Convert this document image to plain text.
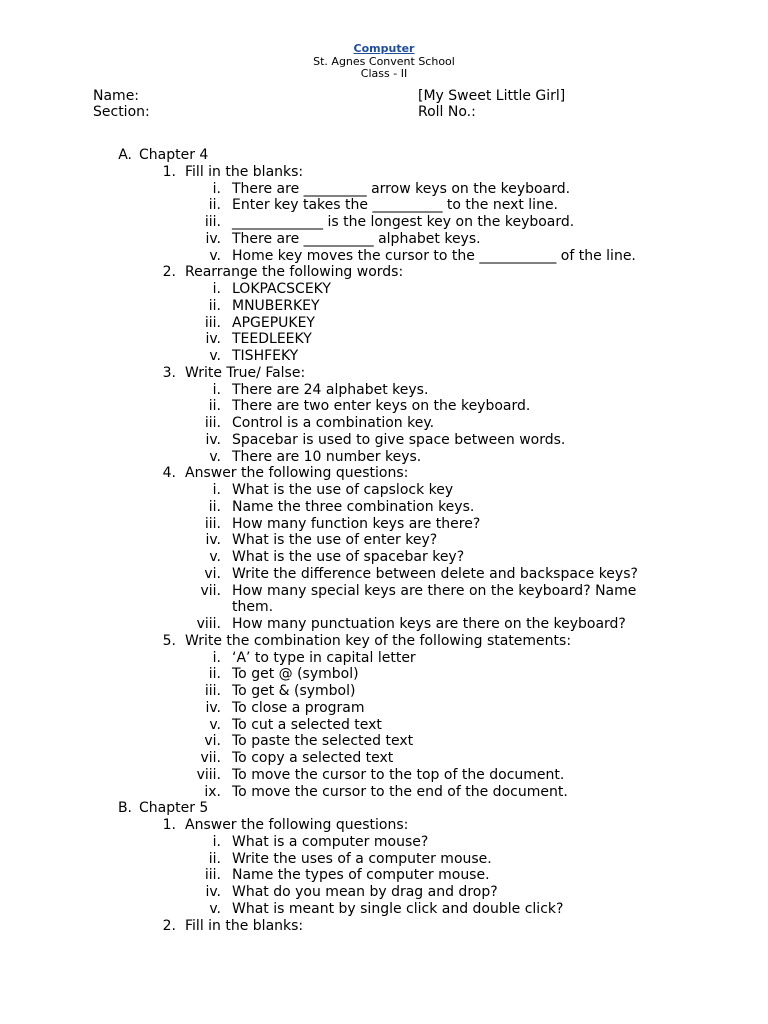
Computer
St. Agnes Convent School
Class - II
Name:
Section:
[My Sweet Little Girl]
Roll No.:
A. Chapter 4
1. Fill in the blanks:
i. There are _________ arrow keys on the keyboard.
ii. Enter key takes the __________ to the next line.
iii. _____________ is the longest key on the keyboard.
iv. There are __________ alphabet keys.
v. Home key moves the cursor to the ___________ of the line.
2. Rearrange the following words:
i. LOKPACSCEKY
ii. MNUBERKEY
iii. APGEPUKEY
iv. TEEDLEEKY
v. TISHFEKY
3. Write True/ False:
i. There are 24 alphabet keys.
ii. There are two enter keys on the keyboard.
iii. Control is a combination key.
iv. Spacebar is used to give space between words.
v. There are 10 number keys.
4. Answer the following questions:
i. What is the use of capslock key
ii. Name the three combination keys.
iii. How many function keys are there?
iv. What is the use of enter key?
v. What is the use of spacebar key?
vi. Write the difference between delete and backspace keys?
vii. How many special keys are there on the keyboard? Name them.
viii. How many punctuation keys are there on the keyboard?
5. Write the combination key of the following statements:
i. ‘A’ to type in capital letter
ii. To get @ (symbol)
iii. To get & (symbol)
iv. To close a program
v. To cut a selected text
vi. To paste the selected text
vii. To copy a selected text
viii. To move the cursor to the top of the document.
ix. To move the cursor to the end of the document.
B. Chapter 5
1. Answer the following questions:
i. What is a computer mouse?
ii. Write the uses of a computer mouse.
iii. Name the types of computer mouse.
iv. What do you mean by drag and drop?
v. What is meant by single click and double click?
2. Fill in the blanks:
